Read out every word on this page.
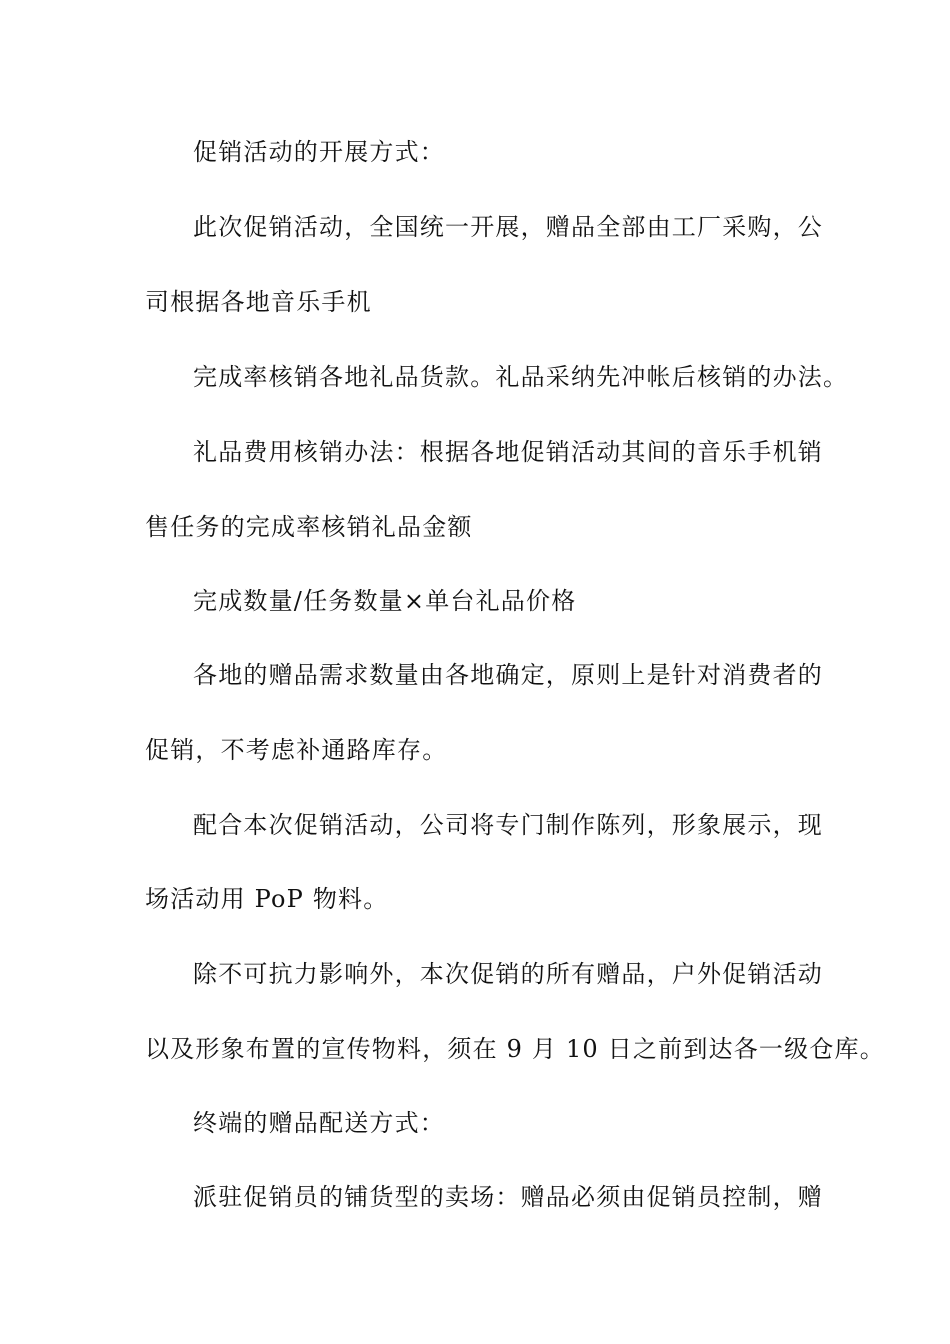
促销活动的开展方式：
此次促销活动，全国统一开展，赠品全部由工厂采购，公
司根据各地音乐手机
完成率核销各地礼品货款。礼品采纳先冲帐后核销的办法。
礼品费用核销办法：根据各地促销活动其间的音乐手机销
售任务的完成率核销礼品金额
完成数量/任务数量×单台礼品价格
各地的赠品需求数量由各地确定，原则上是针对消费者的
促销，不考虑补通路库存。
配合本次促销活动，公司将专门制作陈列，形象展示，现
场活动用 PoP 物料。
除不可抗力影响外，本次促销的所有赠品，户外促销活动
以及形象布置的宣传物料，须在 9 月 10 日之前到达各一级仓库。
终端的赠品配送方式：
派驻促销员的铺货型的卖场：赠品必须由促销员控制，赠
